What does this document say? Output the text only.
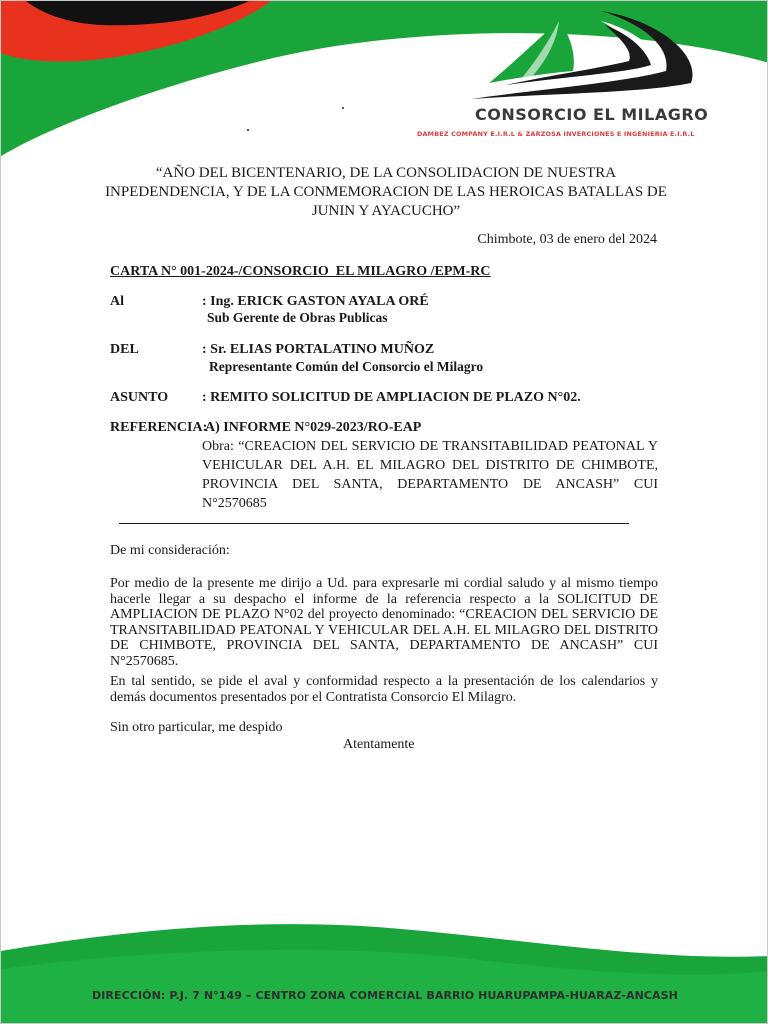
CONSORCIO EL MILAGRO
DAMBEZ COMPANY E.I.R.L & ZARZOSA INVERCIONES E INGENIERIA E.I.R.L
“AÑO DEL BICENTENARIO, DE LA CONSOLIDACION DE NUESTRA INPEDENDENCIA, Y DE LA CONMEMORACION DE LAS HEROICAS BATALLAS DE JUNIN Y AYACUCHO”
Chimbote, 03 de enero del 2024
CARTA N° 001-2024-/CONSORCIO_EL MILAGRO /EPM-RC
Al	: Ing. ERICK GASTON AYALA ORÉ
Sub Gerente de Obras Publicas
DEL	: Sr. ELIAS PORTALATINO MUÑOZ
Representante Común del Consorcio el Milagro
ASUNTO : REMITO SOLICITUD DE AMPLIACION DE PLAZO N°02.
REFERENCIA:
A) INFORME N°029-2023/RO-EAP
Obra: “CREACION DEL SERVICIO DE TRANSITABILIDAD PEATONAL Y VEHICULAR DEL A.H. EL MILAGRO DEL DISTRITO DE CHIMBOTE, PROVINCIA DEL SANTA, DEPARTAMENTO DE ANCASH” CUI N°2570685
De mi consideración:
Por medio de la presente me dirijo a Ud. para expresarle mi cordial saludo y al mismo tiempo hacerle llegar a su despacho el informe de la referencia respecto a la SOLICITUD DE AMPLIACION DE PLAZO N°02 del proyecto denominado: “CREACION DEL SERVICIO DE TRANSITABILIDAD PEATONAL Y VEHICULAR DEL A.H. EL MILAGRO DEL DISTRITO DE CHIMBOTE, PROVINCIA DEL SANTA, DEPARTAMENTO DE ANCASH” CUI N°2570685.
En tal sentido, se pide el aval y conformidad respecto a la presentación de los calendarios y demás documentos presentados por el Contratista Consorcio El Milagro.
Sin otro particular, me despido
Atentamente
DIRECCIÓN: P.J. 7 N°149 – CENTRO ZONA COMERCIAL BARRIO HUARUPAMPA-HUARAZ-ANCASH
